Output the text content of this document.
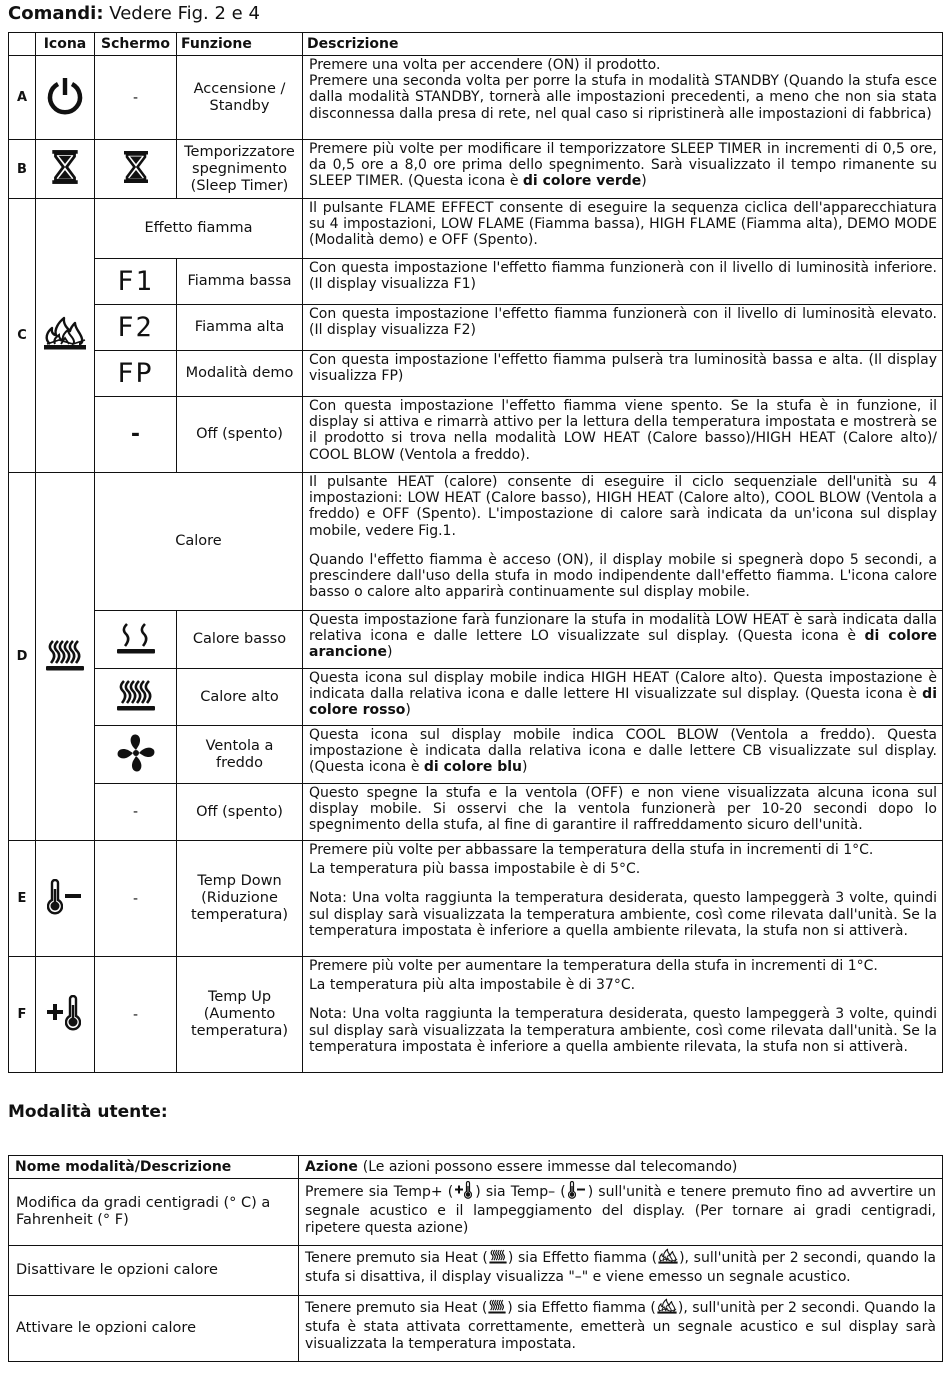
Comandi: Vedere Fig. 2 e 4
	Icona	Schermo	Funzione	Descrizione
A		-	Accensione / Standby	Premere una volta per accendere (ON) il prodotto.

Premere una seconda volta per porre la stufa in modalità STANDBY (Quando la stufa esce dalla modalità STANDBY, tornerà alle impostazioni precedenti, a meno che non sia stata disconnessa dalla presa di rete, nel qual caso si ripristinerà alle impostazioni di fabbrica)

B			Temporizzatore spegnimento (Sleep Timer)	Premere più volte per modificare il temporizzatore SLEEP TIMER in incrementi di 0,5 ore, da 0,5 ore a 8,0 ore prima dello spegnimento. Sarà visualizzato il tempo rimanente su SLEEP TIMER. (Questa icona è di colore verde)
C		Effetto fiamma		Il pulsante FLAME EFFECT consente di eseguire la sequenza ciclica dell'apparecchiatura su 4 impostazioni, LOW FLAME (Fiamma bassa), HIGH FLAME (Fiamma alta), DEMO MODE (Modalità demo) e OFF (Spento).
		F1	Fiamma bassa	Con questa impostazione l'effetto fiamma funzionerà con il livello di luminosità inferiore. (Il display visualizza F1)
		F2	Fiamma alta	Con questa impostazione l'effetto fiamma funzionerà con il livello di luminosità elevato. (Il display visualizza F2)
		FP	Modalità demo	Con questa impostazione l'effetto fiamma pulserà tra luminosità bassa e alta. (Il display visualizza FP)
		-	Off (spento)	Con questa impostazione l'effetto fiamma viene spento. Se la stufa è in funzione, il display si attiva e rimarrà attivo per la lettura della temperatura impostata e mostrerà se il prodotto si trova nella modalità LOW HEAT (Calore basso)/HIGH HEAT (Calore alto)/ COOL BLOW (Ventola a freddo).
D		Calore		Il pulsante HEAT (calore) consente di eseguire il ciclo sequenziale dell'unità su 4 impostazioni: LOW HEAT (Calore basso), HIGH HEAT (Calore alto), COOL BLOW (Ventola a freddo) e OFF (Spento). L'impostazione di calore sarà indicata da un'icona sul display mobile, vedere Fig.1.

Quando l'effetto fiamma è acceso (ON), il display mobile si spegnerà dopo 5 secondi, a prescindere dall'uso della stufa in modo indipendente dall'effetto fiamma. L'icona calore basso o calore alto apparirà continuamente sul display mobile.

	Calore basso	Questa impostazione farà funzionare la stufa in modalità LOW HEAT è sarà indicata dalla relativa icona e dalle lettere LO visualizzate sul display. (Questa icona è di colore arancione)
	Calore alto	Questa icona sul display mobile indica HIGH HEAT (Calore alto). Questa impostazione è indicata dalla relativa icona e dalle lettere HI visualizzate sul display. (Questa icona è di colore rosso)
	Ventola a freddo	Questa icona sul display mobile indica COOL BLOW (Ventola a freddo). Questa impostazione è indicata dalla relativa icona e dalle lettere CB visualizzate sul display. (Questa icona è di colore blu)
		-	Off (spento)	Questo spegne la stufa e la ventola (OFF) e non viene visualizzata alcuna icona sul display mobile. Si osservi che la ventola funzionerà per 10-20 secondi dopo lo spegnimento della stufa, al fine di garantire il raffreddamento sicuro dell'unità.
E		-	Temp Down (Riduzione temperatura)	Premere più volte per abbassare la temperatura della stufa in incrementi di 1°C.

La temperatura più bassa impostabile è di 5°C.

Nota: Una volta raggiunta la temperatura desiderata, questo lampeggerà 3 volte, quindi sul display sarà visualizzata la temperatura ambiente, così come rilevata dall'unità. Se la temperatura impostata è inferiore a quella ambiente rilevata, la stufa non si attiverà.

F		-	Temp Up (Aumento temperatura)	Premere più volte per aumentare la temperatura della stufa in incrementi di 1°C.

La temperatura più alta impostabile è di 37°C.

Nota: Una volta raggiunta la temperatura desiderata, questo lampeggerà 3 volte, quindi sul display sarà visualizzata la temperatura ambiente, così come rilevata dall'unità. Se la temperatura impostata è inferiore a quella ambiente rilevata, la stufa non si attiverà.

Modalità utente:
Nome modalità/Descrizione	Azione (Le azioni possono essere immesse dal telecomando)
Modifica da gradi centigradi (° C) a Fahrenheit (° F)	Premere sia Temp+ ( ) sia Temp– ( ) sull'unità e tenere premuto fino ad avvertire un segnale acustico e il lampeggiamento del display. (Per tornare ai gradi centigradi, ripetere questa azione)
Disattivare le opzioni calore	Tenere premuto sia Heat ( ) sia Effetto fiamma ( ), sull'unità per 2 secondi, quando la stufa si disattiva, il display visualizza "–" e viene emesso un segnale acustico.
Attivare le opzioni calore	Tenere premuto sia Heat ( ) sia Effetto fiamma ( ), sull'unità per 2 secondi. Quando la stufa è stata attivata correttamente, emetterà un segnale acustico e sul display sarà visualizzata la temperatura impostata.
